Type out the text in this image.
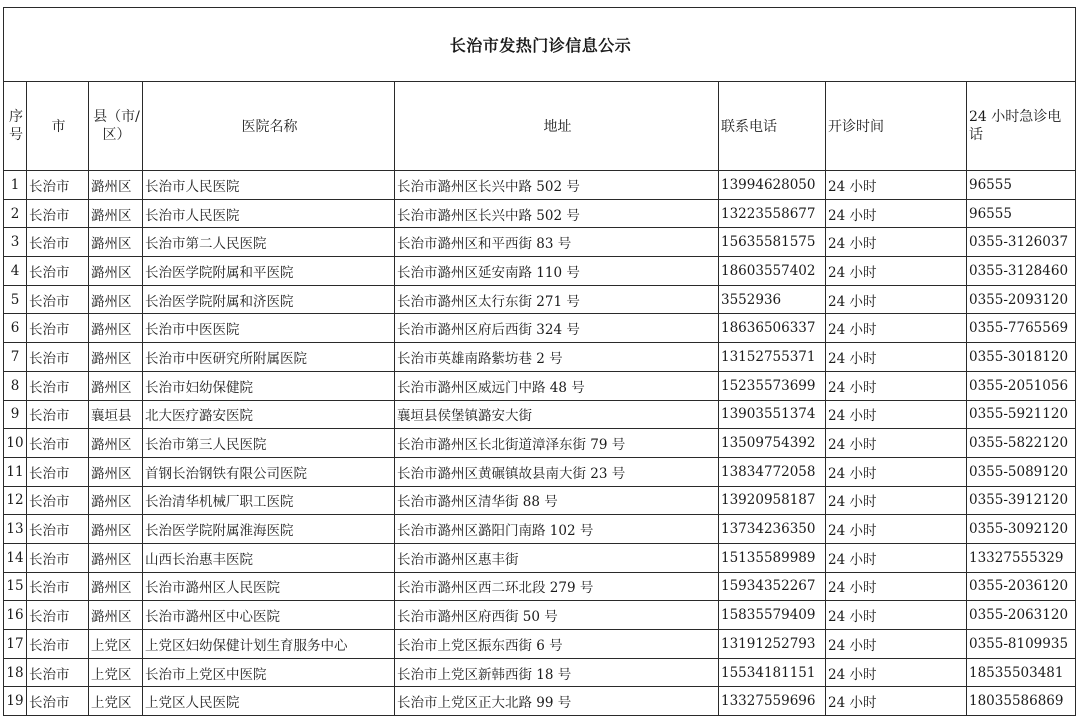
长治市发热门诊信息公示							
序号	市	县（市/区）	医院名称	地址	联系电话	开诊时间	24 小时急诊电话
1	长治市	潞州区	长治市人民医院	长治市潞州区长兴中路 502 号	13994628050	24 小时	96555
2	长治市	潞州区	长治市人民医院	长治市潞州区长兴中路 502 号	13223558677	24 小时	96555
3	长治市	潞州区	长治市第二人民医院	长治市潞州区和平西街 83 号	15635581575	24 小时	0355-3126037
4	长治市	潞州区	长治医学院附属和平医院	长治市潞州区延安南路 110 号	18603557402	24 小时	0355-3128460
5	长治市	潞州区	长治医学院附属和济医院	长治市潞州区太行东街 271 号	3552936	24 小时	0355-2093120
6	长治市	潞州区	长治市中医医院	长治市潞州区府后西街 324 号	18636506337	24 小时	0355-7765569
7	长治市	潞州区	长治市中医研究所附属医院	长治市英雄南路紫坊巷 2 号	13152755371	24 小时	0355-3018120
8	长治市	潞州区	长治市妇幼保健院	长治市潞州区威远门中路 48 号	15235573699	24 小时	0355-2051056
9	长治市	襄垣县	北大医疗潞安医院	襄垣县侯堡镇潞安大街	13903551374	24 小时	0355-5921120
10	长治市	潞州区	长治市第三人民医院	长治市潞州区长北街道漳泽东街 79 号	13509754392	24 小时	0355-5822120
11	长治市	潞州区	首钢长治钢铁有限公司医院	长治市潞州区黄碾镇故县南大街 23 号	13834772058	24 小时	0355-5089120
12	长治市	潞州区	长治清华机械厂职工医院	长治市潞州区清华街 88 号	13920958187	24 小时	0355-3912120
13	长治市	潞州区	长治医学院附属淮海医院	长治市潞州区潞阳门南路 102 号	13734236350	24 小时	0355-3092120
14	长治市	潞州区	山西长治惠丰医院	长治市潞州区惠丰街	15135589989	24 小时	13327555329
15	长治市	潞州区	长治市潞州区人民医院	长治市潞州区西二环北段 279 号	15934352267	24 小时	0355-2036120
16	长治市	潞州区	长治市潞州区中心医院	长治市潞州区府西街 50 号	15835579409	24 小时	0355-2063120
17	长治市	上党区	上党区妇幼保健计划生育服务中心	长治市上党区振东西街 6 号	13191252793	24 小时	0355-8109935
18	长治市	上党区	长治市上党区中医院	长治市上党区新韩西街 18 号	15534181151	24 小时	18535503481
19	长治市	上党区	上党区人民医院	长治市上党区正大北路 99 号	13327559696	24 小时	18035586869
